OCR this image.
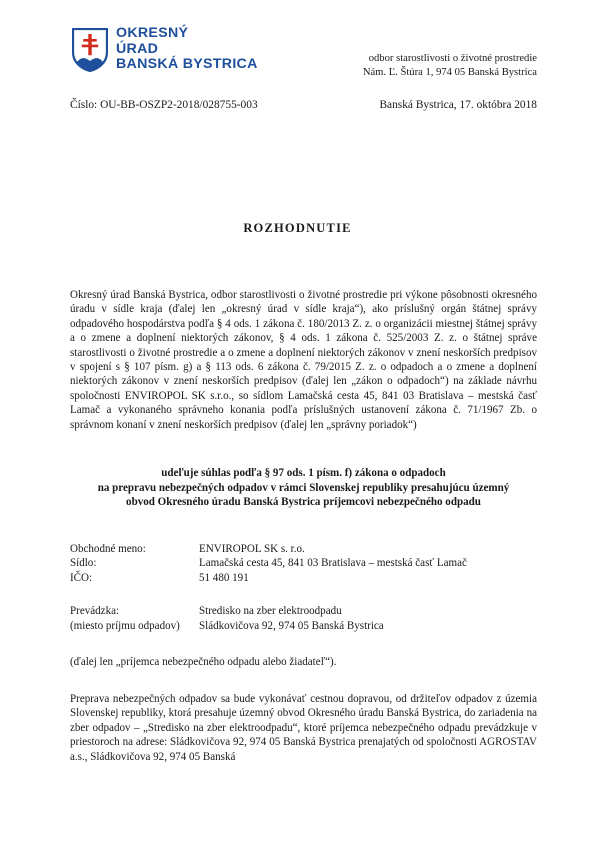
OKRESNÝ
ÚRAD
BANSKÁ BYSTRICA	odbor starostlivosti o životné prostredie
Nám. Ľ. Štúra 1, 974 05 Banská Bystrica
Číslo: OU-BB-OSZP2-2018/028755-003	Banská Bystrica, 17. októbra 2018
ROZHODNUTIE

Okresný úrad Banská Bystrica, odbor starostlivosti o životné prostredie pri výkone pôsobnosti okresného úradu v sídle kraja (ďalej len „okresný úrad v sídle kraja“), ako príslušný orgán štátnej správy odpadového hospodárstva podľa § 4 ods. 1 zákona č. 180/2013 Z. z. o organizácii miestnej štátnej správy a o zmene a doplnení niektorých zákonov, § 4 ods. 1 zákona č. 525/2003 Z. z. o štátnej správe starostlivosti o životné prostredie a o zmene a doplnení niektorých zákonov v znení neskorších predpisov v spojení s § 107 písm. g) a § 113 ods. 6 zákona č. 79/2015 Z. z. o odpadoch a o zmene a doplnení niektorých zákonov v znení neskorších predpisov (ďalej len „zákon o odpadoch“) na základe návrhu spoločnosti ENVIROPOL SK s.r.o., so sídlom Lamačská cesta 45, 841 03 Bratislava – mestská časť Lamač a vykonaného správneho konania podľa príslušných ustanovení zákona č. 71/1967 Zb. o správnom konaní v znení neskorších predpisov (ďalej len „správny poriadok“)

udeľuje súhlas podľa § 97 ods. 1 písm. f) zákona o odpadoch
na prepravu nebezpečných odpadov v rámci Slovenskej republiky presahujúcu územný
obvod Okresného úradu Banská Bystrica príjemcovi nebezpečného odpadu
Obchodné meno:	ENVIROPOL SK s. r.o.
Sídlo:	Lamačská cesta 45, 841 03 Bratislava – mestská časť Lamač
IČO:	51 480 191
Prevádzka:	Stredisko na zber elektroodpadu
(miesto príjmu odpadov)	Sládkovičova 92, 974 05 Banská Bystrica

(ďalej len „príjemca nebezpečného odpadu alebo žiadateľ“).

Preprava nebezpečných odpadov sa bude vykonávať cestnou dopravou, od držiteľov odpadov z územia Slovenskej republiky, ktorá presahuje územný obvod Okresného úradu Banská Bystrica, do zariadenia na zber odpadov – „Stredisko na zber elektroodpadu“, ktoré príjemca nebezpečného odpadu prevádzkuje v priestoroch na adrese: Sládkovičova 92, 974 05 Banská Bystrica prenajatých od spoločnosti AGROSTAV a.s., Sládkovičova 92, 974 05 Banská
